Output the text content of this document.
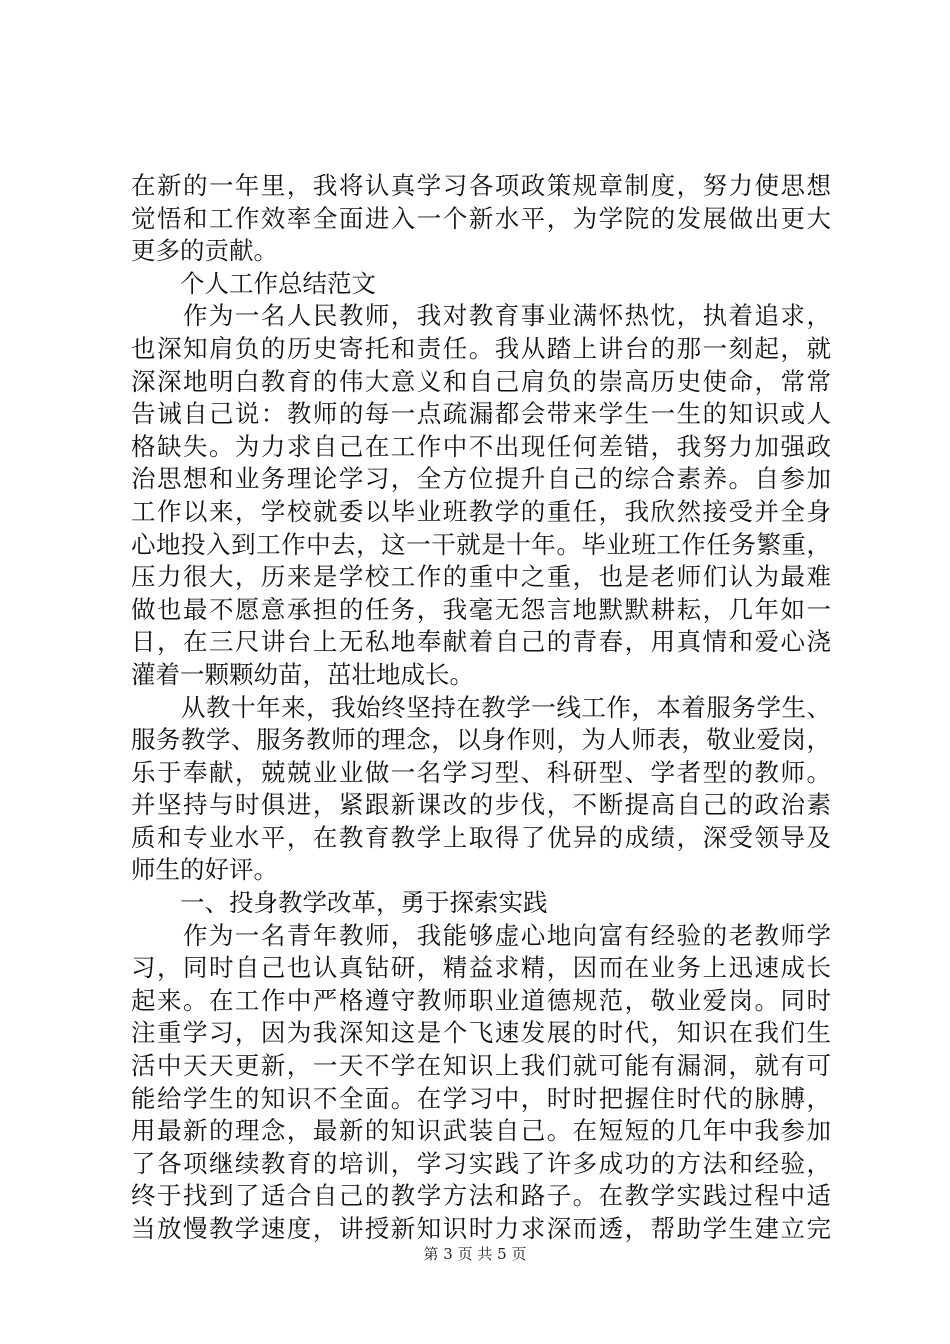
在新的一年里，我将认真学习各项政策规章制度，努力使思想
觉悟和工作效率全面进入一个新水平，为学院的发展做出更大
更多的贡献。
　　个人工作总结范文
　　作为一名人民教师，我对教育事业满怀热忱，执着追求，
也深知肩负的历史寄托和责任。我从踏上讲台的那一刻起，就
深深地明白教育的伟大意义和自己肩负的崇高历史使命，常常
告诫自己说：教师的每一点疏漏都会带来学生一生的知识或人
格缺失。为力求自己在工作中不出现任何差错，我努力加强政
治思想和业务理论学习，全方位提升自己的综合素养。自参加
工作以来，学校就委以毕业班教学的重任，我欣然接受并全身
心地投入到工作中去，这一干就是十年。毕业班工作任务繁重，
压力很大，历来是学校工作的重中之重，也是老师们认为最难
做也最不愿意承担的任务，我毫无怨言地默默耕耘，几年如一
日，在三尺讲台上无私地奉献着自己的青春，用真情和爱心浇
灌着一颗颗幼苗，茁壮地成长。
　　从教十年来，我始终坚持在教学一线工作，本着服务学生、
服务教学、服务教师的理念，以身作则，为人师表，敬业爱岗，
乐于奉献，兢兢业业做一名学习型、科研型、学者型的教师。
并坚持与时俱进，紧跟新课改的步伐，不断提高自己的政治素
质和专业水平，在教育教学上取得了优异的成绩，深受领导及
师生的好评。
　　一、投身教学改革，勇于探索实践
　　作为一名青年教师，我能够虚心地向富有经验的老教师学
习，同时自己也认真钻研，精益求精，因而在业务上迅速成长
起来。在工作中严格遵守教师职业道德规范，敬业爱岗。同时
注重学习，因为我深知这是个飞速发展的时代，知识在我们生
活中天天更新，一天不学在知识上我们就可能有漏洞，就有可
能给学生的知识不全面。在学习中，时时把握住时代的脉膊，
用最新的理念，最新的知识武装自己。在短短的几年中我参加
了各项继续教育的培训，学习实践了许多成功的方法和经验，
终于找到了适合自己的教学方法和路子。在教学实践过程中适
当放慢教学速度，讲授新知识时力求深而透，帮助学生建立完
第 3 页 共 5 页
